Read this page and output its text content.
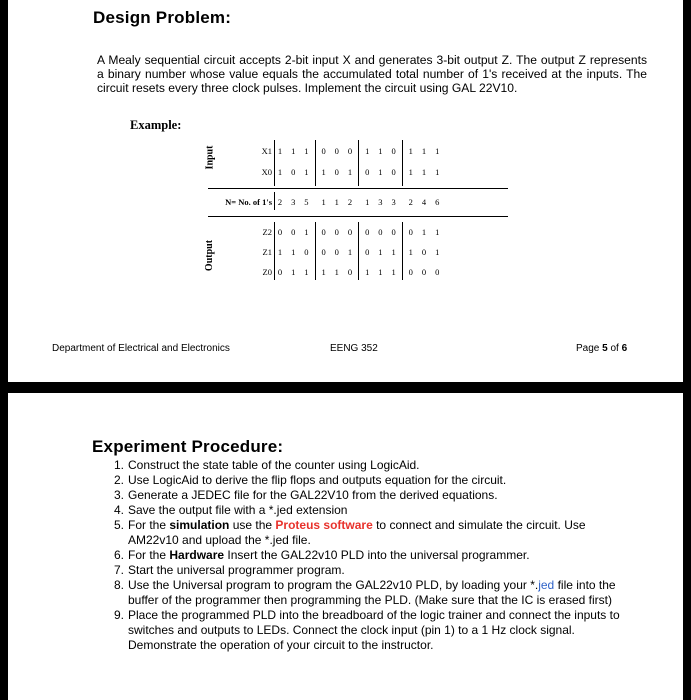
Design Problem:
A Mealy sequential circuit accepts 2-bit input X and generates 3-bit output Z. The output Z represents a binary number whose value equals the accumulated total number of 1's received at the inputs. The circuit resets every three clock pulses. Implement the circuit using GAL 22V10.
Example:
Input
Output
X1 1	1	1	0	0	0	1	1	0	1	1	1
X0 1	0	1	1	0	1	0	1	0	1	1	1
N= No. of 1's 2	3	5	1	1	2	1	3	3	2	4	6
Z2 0	0	1	0	0	0	0	0	0	0	1	1
Z1 1	1	0	0	0	1	0	1	1	1	0	1
Z0 0	1	1	1	1	0	1	1	1	0	0	0
Department of Electrical and Electronics	EENG 352	Page 5 of 6
Experiment Procedure:
1. Construct the state table of the counter using LogicAid.
2. Use LogicAid to derive the flip flops and outputs equation for the circuit.
3. Generate a JEDEC file for the GAL22V10 from the derived equations.
4. Save the output file with a *.jed extension
5. For the simulation use the Proteus software to connect and simulate the circuit. Use AM22v10 and upload the *.jed file.
6. For the Hardware Insert the GAL22v10 PLD into the universal programmer.
7. Start the universal programmer program.
8. Use the Universal program to program the GAL22v10 PLD, by loading your *.jed file into the buffer of the programmer then programming the PLD. (Make sure that the IC is erased first)
9. Place the programmed PLD into the breadboard of the logic trainer and connect the inputs to switches and outputs to LEDs. Connect the clock input (pin 1) to a 1 Hz clock signal. Demonstrate the operation of your circuit to the instructor.
